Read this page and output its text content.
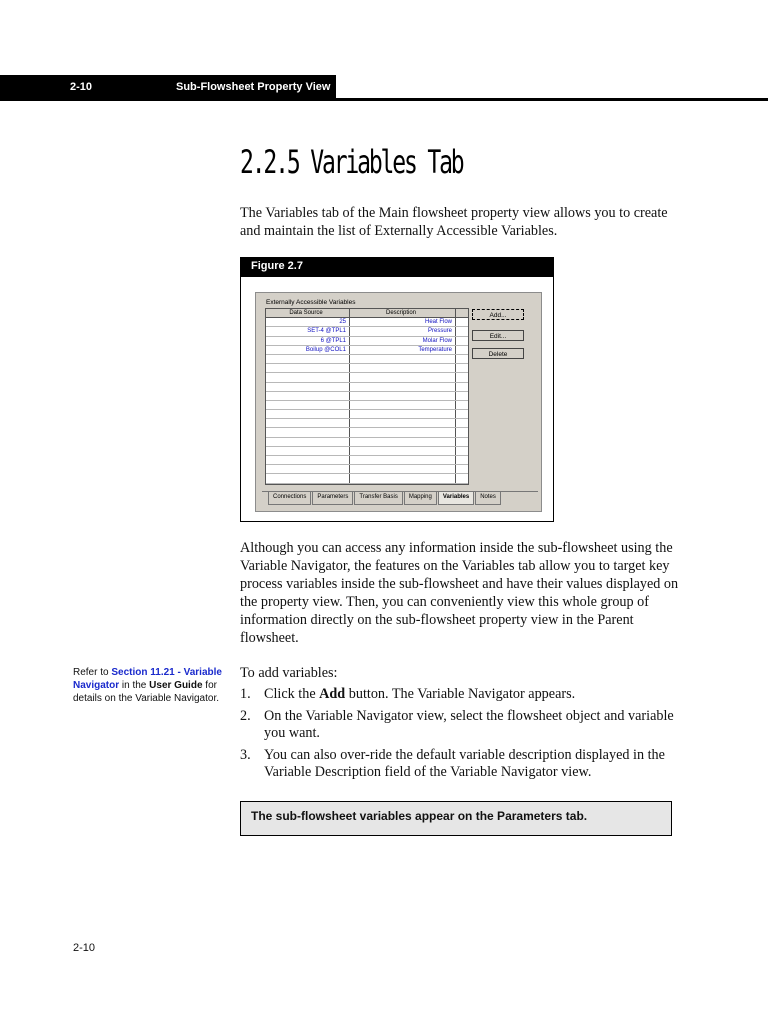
2-10	Sub-Flowsheet Property View
2.2.5 Variables Tab

The Variables tab of the Main flowsheet property view allows you to create and maintain the list of Externally Accessible Variables.

Figure 2.7
Externally Accessible Variables
Data Source	Description
25	Heat Flow
SET-4 @TPL1	Pressure
6 @TPL1	Molar Flow
Boilup @COL1	Temperature
Add...
Edit...
Delete
Connections	Parameters	Transfer Basis	Mapping	Variables	Notes

Although you can access any information inside the sub-flowsheet using the Variable Navigator, the features on the Variables tab allow you to target key process variables inside the sub-flowsheet and have their values displayed on the property view. Then, you can conveniently view this whole group of information directly on the sub-flowsheet property view in the Parent flowsheet.

Refer to Section 11.21 - Variable Navigator in the User Guide for details on the Variable Navigator.

To add variables:

1. Click the Add button. The Variable Navigator appears.
2. On the Variable Navigator view, select the flowsheet object and variable you want.
3. You can also over-ride the default variable description displayed in the Variable Description field of the Variable Navigator view.
The sub-flowsheet variables appear on the Parameters tab.
2-10
